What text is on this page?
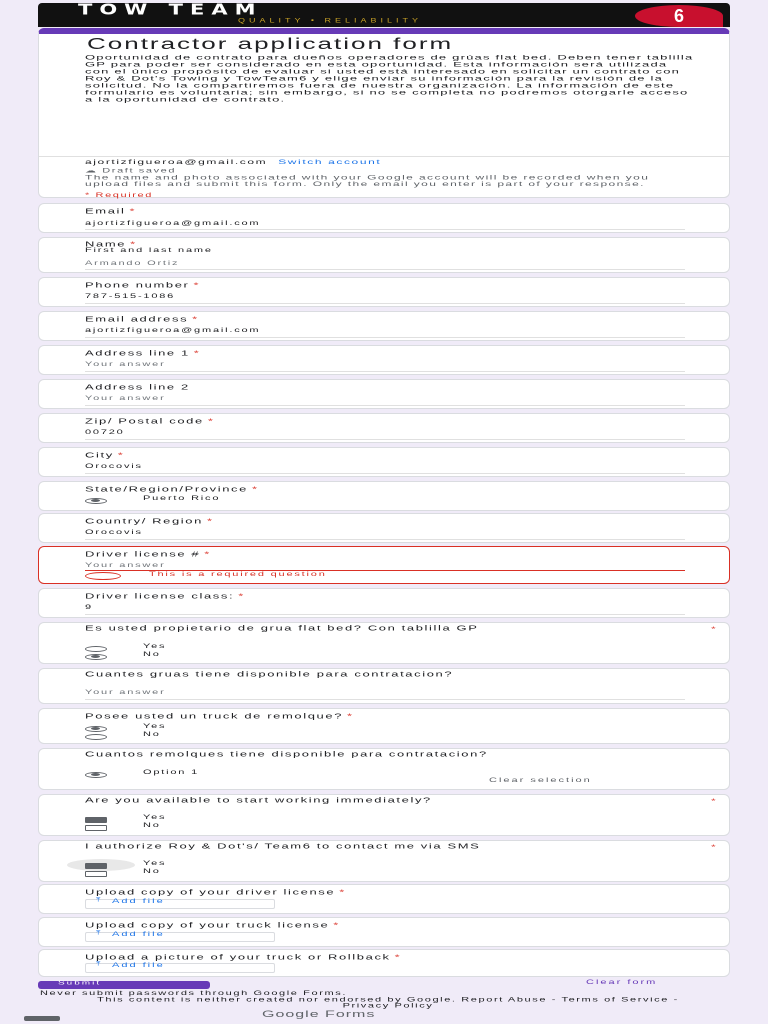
TOW TEAM
QUALITY • RELIABILITY	6
Contractor application form
Oportunidad de contrato para dueños operadores de grúas flat bed. Deben tener tablilla GP para poder ser considerado en esta oportunidad. Esta información será utilizada con el único propósito de evaluar si usted está interesado en solicitar un contrato con Roy & Dot's Towing y TowTeam6 y elige enviar su información para la revisión de la solicitud. No la compartiremos fuera de nuestra organización. La información de este formulario es voluntaria; sin embargo, si no se completa no podremos otorgarle acceso a la oportunidad de contrato.
ajortizfigueroa@gmail.com Switch account
☁ Draft saved
The name and photo associated with your Google account will be recorded when you upload files and submit this form. Only the email you enter is part of your response.
* Required
Email *
ajortizfigueroa@gmail.com
Name *
First and last name
Armando Ortiz
Phone number *
787-515-1086
Email address *
ajortizfigueroa@gmail.com
Address line 1 *
Your answer
Address line 2
Your answer
Zip/ Postal code *
00720
City *
Orocovis
State/Region/Province *
Puerto Rico
Country/ Region *
Orocovis
Driver license # *
Your answer
This is a required question
Driver license class: *
9
Es usted propietario de grua flat bed? Con tablilla GP	*
Yes
No
Cuantes gruas tiene disponible para contratacion?
Your answer
Posee usted un truck de remolque? *
Yes
No
Cuantos remolques tiene disponible para contratacion?
Option 1
Clear selection
Are you available to start working immediately?	*
Yes
No
I authorize Roy & Dot's/ Team6 to contact me via SMS	*
Yes
No
Upload copy of your driver license *
⤒ Add file
Upload copy of your truck license *
⤒ Add file
Upload a picture of your truck or Rollback *
⤒ Add file
Submit	Clear form
Never submit passwords through Google Forms.
This content is neither created nor endorsed by Google. Report Abuse - Terms of Service - Privacy Policy
Google Forms
